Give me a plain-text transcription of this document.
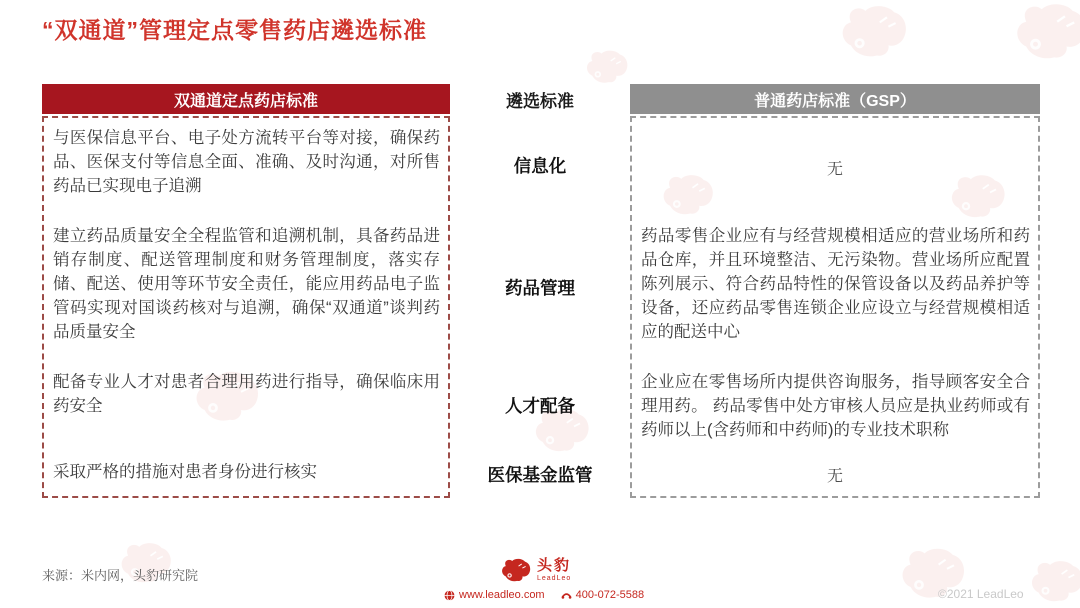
“双通道”管理定点零售药店遴选标准
双通道定点药店标准
与医保信息平台、电子处方流转平台等对接，确保药品、医保支付等信息全面、准确、及时沟通，对所售药品已实现电子追溯
建立药品质量安全全程监管和追溯机制，具备药品进销存制度、配送管理制度和财务管理制度，落实存储、配送、使用等环节安全责任，能应用药品电子监管码实现对国谈药核对与追溯，确保“双通道”谈判药品质量安全
配备专业人才对患者合理用药进行指导，确保临床用药安全
采取严格的措施对患者身份进行核实
遴选标准
信息化
药品管理
人才配备
医保基金监管
普通药店标准（GSP）
无
药品零售企业应有与经营规模相适应的营业场所和药品仓库，并且环境整洁、无污染物。营业场所应配置陈列展示、符合药品特性的保管设备以及药品养护等设备，还应药品零售连锁企业应设立与经营规模相适应的配送中心
企业应在零售场所内提供咨询服务，指导顾客安全合理用药。 药品零售中处方审核人员应是执业药师或有药师以上(含药师和中药师)的专业技术职称
无
来源：米内网，头豹研究院
头豹
LeadLeo
www.leadleo.com	400-072-5588	©2021 LeadLeo
